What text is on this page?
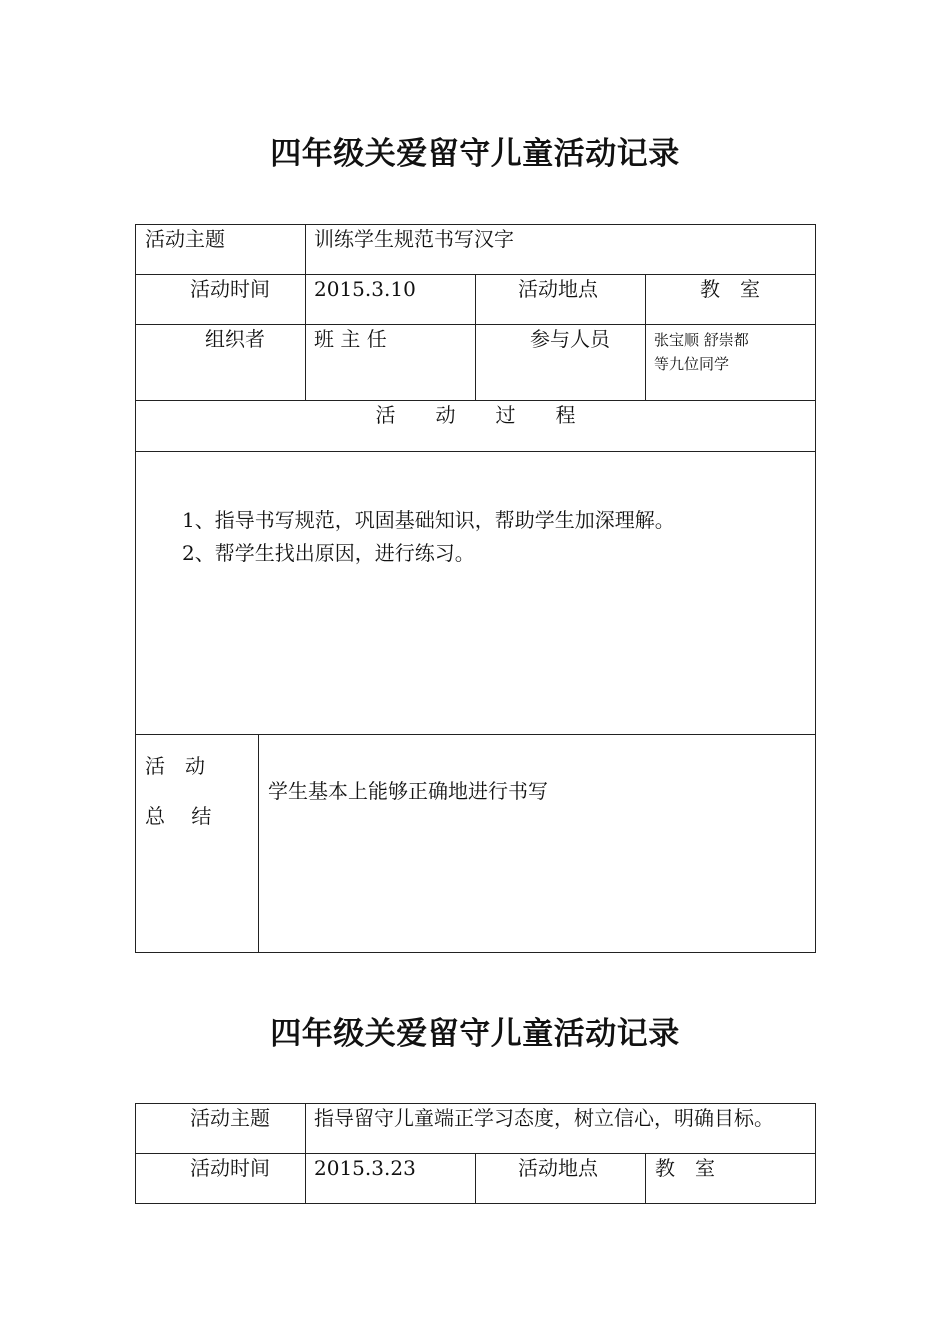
四年级关爱留守儿童活动记录
活动主题	训练学生规范书写汉字
活动时间 2015.3.10	活动地点	教　室
组织者 班 主 任	参与人员	张宝顺 舒崇都
等九位同学
活　　动　　过　　程
1、指导书写规范，巩固基础知识，帮助学生加深理解。
2、帮学生找出原因，进行练习。
活　动
总　 结
学生基本上能够正确地进行书写
四年级关爱留守儿童活动记录
活动主题 指导留守儿童端正学习态度，树立信心，明确目标。
活动时间 2015.3.23	活动地点	教　室
